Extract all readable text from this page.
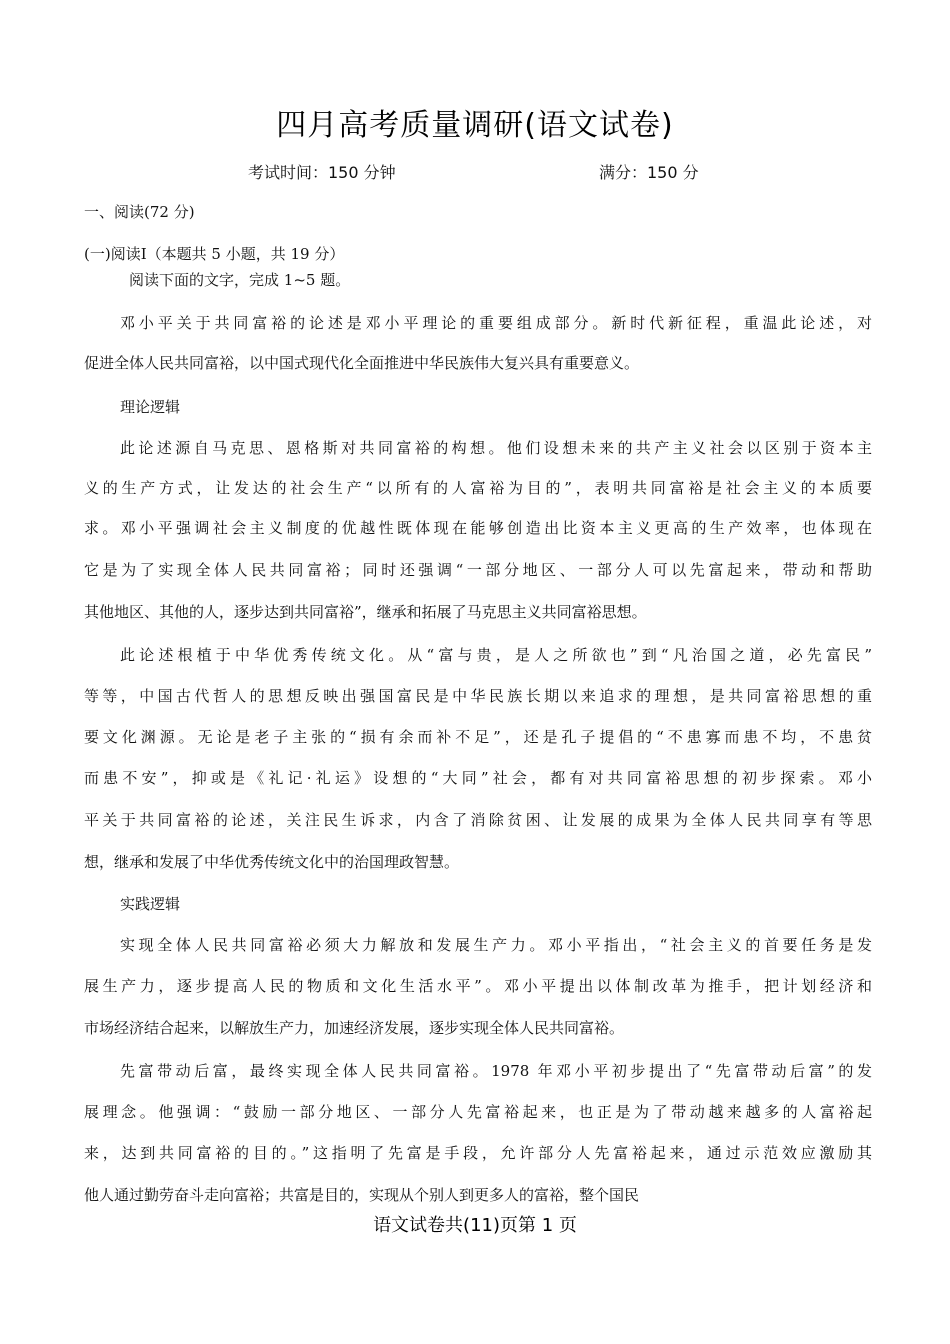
四月高考质量调研(语文试卷)
考试时间：150 分钟	满分：150 分
一、阅读(72 分)
(一)阅读Ⅰ（本题共 5 小题，共 19 分）
阅读下面的文字，完成 1~5 题。
邓小平关于共同富裕的论述是邓小平理论的重要组成部分。新时代新征程，重温此论述，对
促进全体人民共同富裕，以中国式现代化全面推进中华民族伟大复兴具有重要意义。
理论逻辑
此论述源自马克思、恩格斯对共同富裕的构想。他们设想未来的共产主义社会以区别于资本主
义的生产方式，让发达的社会生产“以所有的人富裕为目的”，表明共同富裕是社会主义的本质要
求。邓小平强调社会主义制度的优越性既体现在能够创造出比资本主义更高的生产效率，也体现在
它是为了实现全体人民共同富裕；同时还强调“一部分地区、一部分人可以先富起来，带动和帮助
其他地区、其他的人，逐步达到共同富裕”，继承和拓展了马克思主义共同富裕思想。
此论述根植于中华优秀传统文化。从“富与贵，是人之所欲也”到“凡治国之道，必先富民”
等等，中国古代哲人的思想反映出强国富民是中华民族长期以来追求的理想，是共同富裕思想的重
要文化渊源。无论是老子主张的“损有余而补不足”，还是孔子提倡的“不患寡而患不均，不患贫
而患不安”，抑或是《礼记·礼运》设想的“大同”社会，都有对共同富裕思想的初步探索。邓小
平关于共同富裕的论述，关注民生诉求，内含了消除贫困、让发展的成果为全体人民共同享有等思
想，继承和发展了中华优秀传统文化中的治国理政智慧。
实践逻辑
实现全体人民共同富裕必须大力解放和发展生产力。邓小平指出，“社会主义的首要任务是发
展生产力，逐步提高人民的物质和文化生活水平”。邓小平提出以体制改革为推手，把计划经济和
市场经济结合起来，以解放生产力，加速经济发展，逐步实现全体人民共同富裕。
先富带动后富，最终实现全体人民共同富裕。1978 年邓小平初步提出了“先富带动后富”的发
展理念。他强调：“鼓励一部分地区、一部分人先富裕起来，也正是为了带动越来越多的人富裕起
来，达到共同富裕的目的。”这指明了先富是手段，允许部分人先富裕起来，通过示范效应激励其
他人通过勤劳奋斗走向富裕；共富是目的，实现从个别人到更多人的富裕，整个国民
语文试卷共(11)页第 1 页
